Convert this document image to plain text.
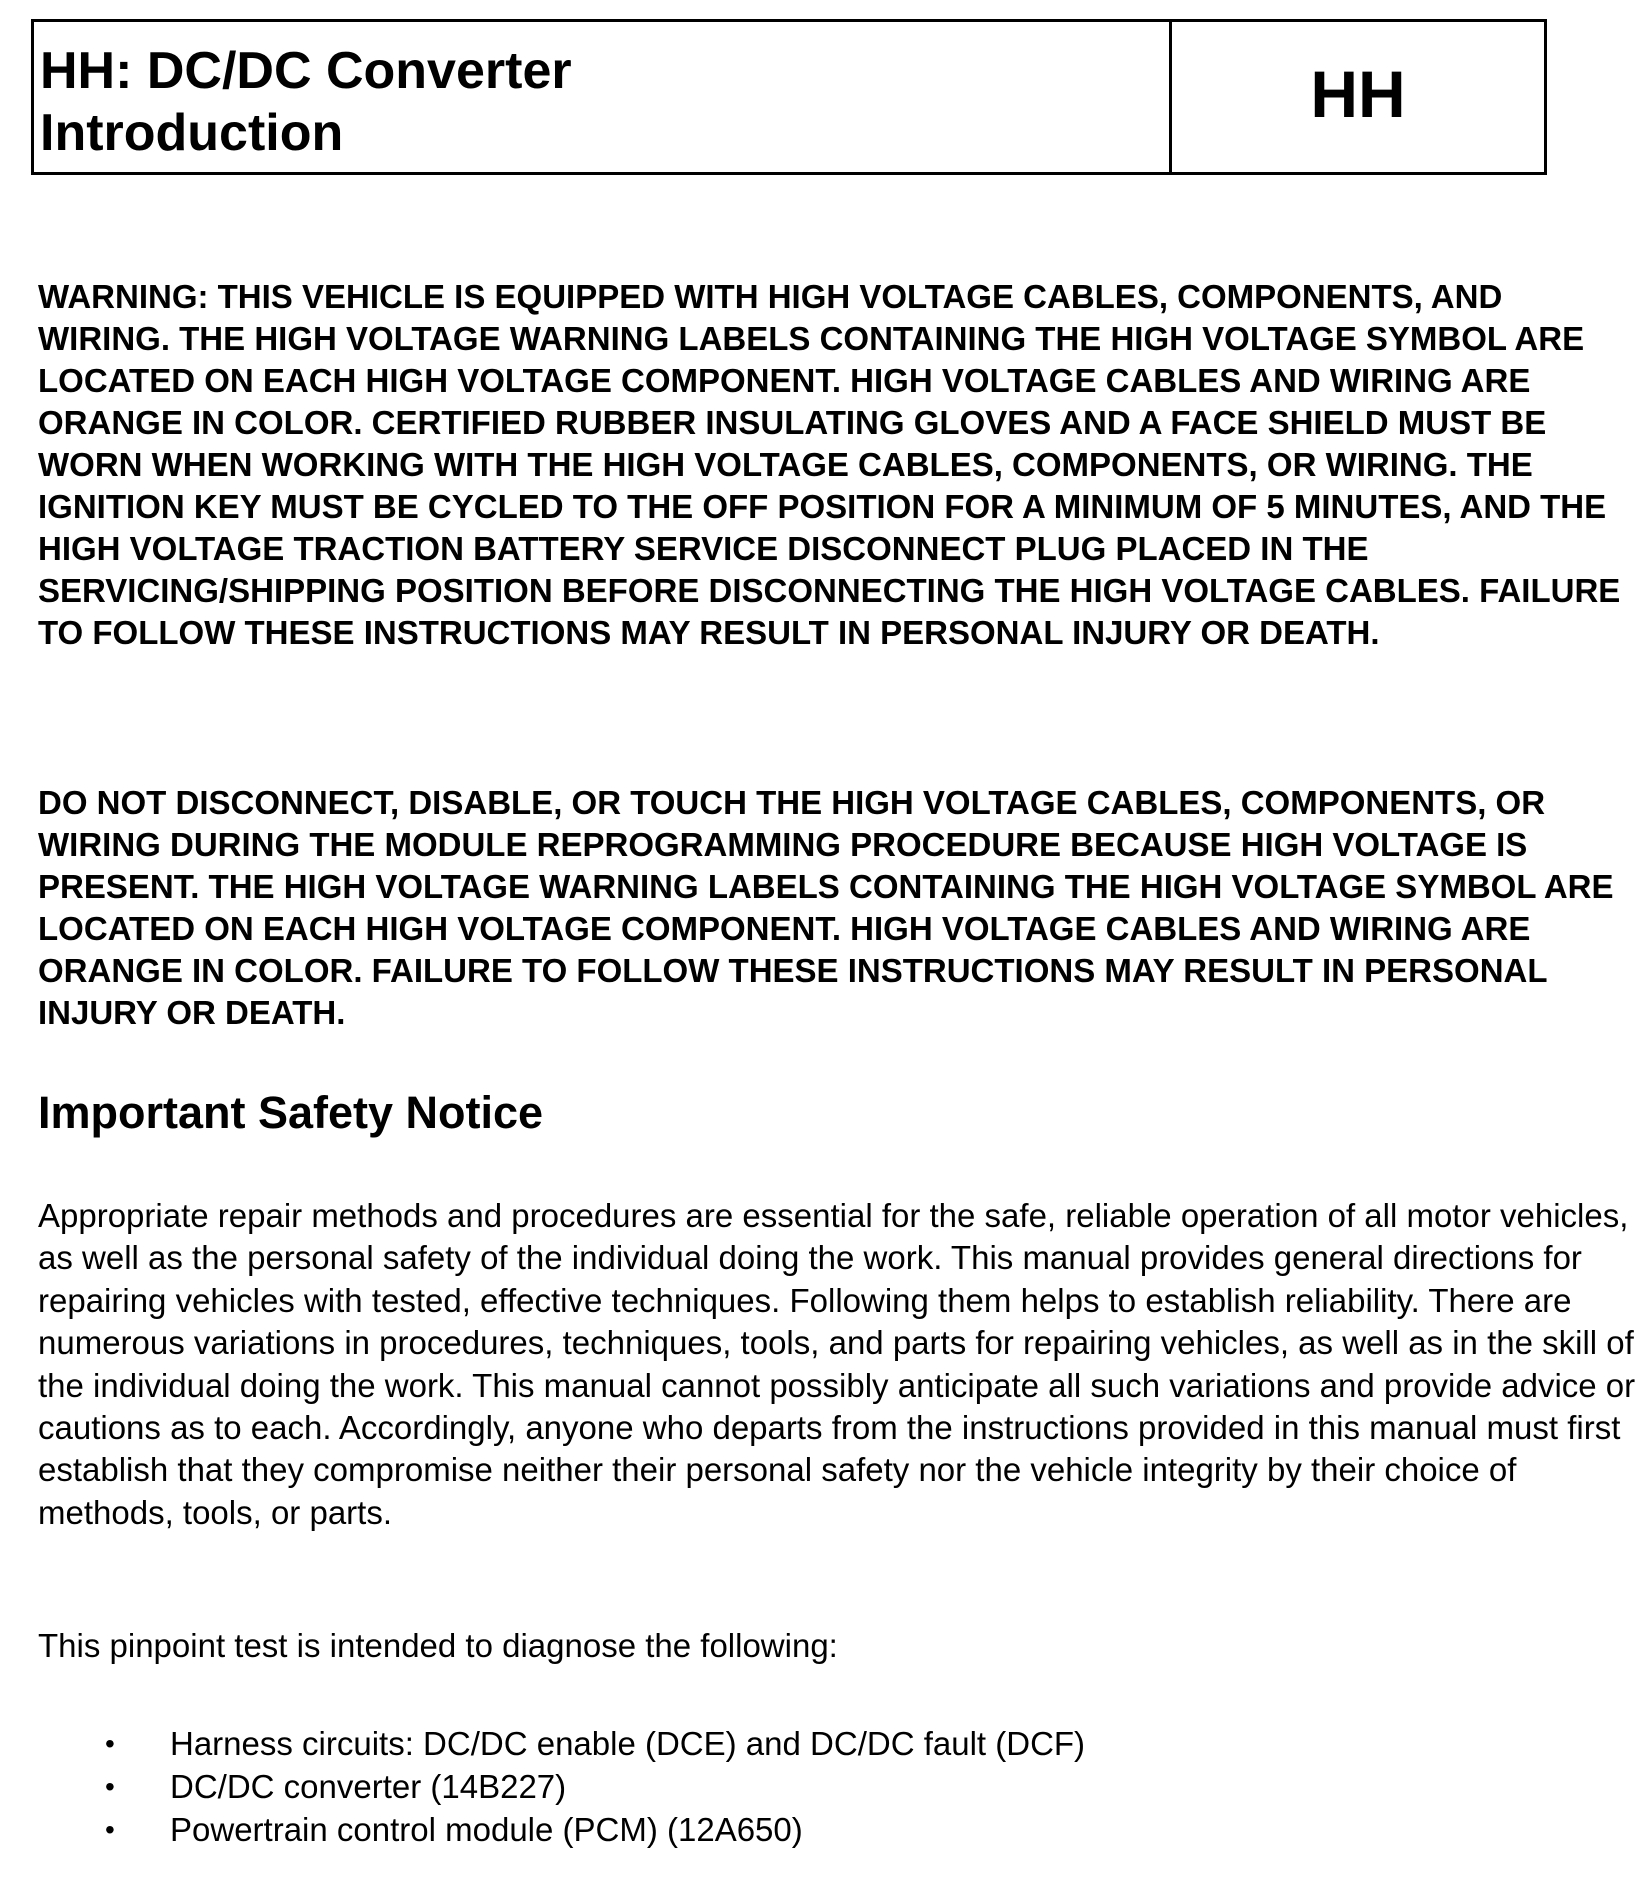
HH: DC/DC Converter
Introduction
HH

WARNING: THIS VEHICLE IS EQUIPPED WITH HIGH VOLTAGE CABLES, COMPONENTS, AND WIRING. THE HIGH VOLTAGE WARNING LABELS CONTAINING THE HIGH VOLTAGE SYMBOL ARE LOCATED ON EACH HIGH VOLTAGE COMPONENT. HIGH VOLTAGE CABLES AND WIRING ARE ORANGE IN COLOR. CERTIFIED RUBBER INSULATING GLOVES AND A FACE SHIELD MUST BE WORN WHEN WORKING WITH THE HIGH VOLTAGE CABLES, COMPONENTS, OR WIRING. THE IGNITION KEY MUST BE CYCLED TO THE OFF POSITION FOR A MINIMUM OF 5 MINUTES, AND THE HIGH VOLTAGE TRACTION BATTERY SERVICE DISCONNECT PLUG PLACED IN THE SERVICING/SHIPPING POSITION BEFORE DISCONNECTING THE HIGH VOLTAGE CABLES. FAILURE TO FOLLOW THESE INSTRUCTIONS MAY RESULT IN PERSONAL INJURY OR DEATH.

DO NOT DISCONNECT, DISABLE, OR TOUCH THE HIGH VOLTAGE CABLES, COMPONENTS, OR WIRING DURING THE MODULE REPROGRAMMING PROCEDURE BECAUSE HIGH VOLTAGE IS PRESENT. THE HIGH VOLTAGE WARNING LABELS CONTAINING THE HIGH VOLTAGE SYMBOL ARE LOCATED ON EACH HIGH VOLTAGE COMPONENT. HIGH VOLTAGE CABLES AND WIRING ARE ORANGE IN COLOR. FAILURE TO FOLLOW THESE INSTRUCTIONS MAY RESULT IN PERSONAL INJURY OR DEATH.

Important Safety Notice

Appropriate repair methods and procedures are essential for the safe, reliable operation of all motor vehicles, as well as the personal safety of the individual doing the work. This manual provides general directions for repairing vehicles with tested, effective techniques. Following them helps to establish reliability. There are numerous variations in procedures, techniques, tools, and parts for repairing vehicles, as well as in the skill of the individual doing the work. This manual cannot possibly anticipate all such variations and provide advice or cautions as to each. Accordingly, anyone who departs from the instructions provided in this manual must first establish that they compromise neither their personal safety nor the vehicle integrity by their choice of methods, tools, or parts.

This pinpoint test is intended to diagnose the following:

• Harness circuits: DC/DC enable (DCE) and DC/DC fault (DCF)
• DC/DC converter (14B227)
• Powertrain control module (PCM) (12A650)
